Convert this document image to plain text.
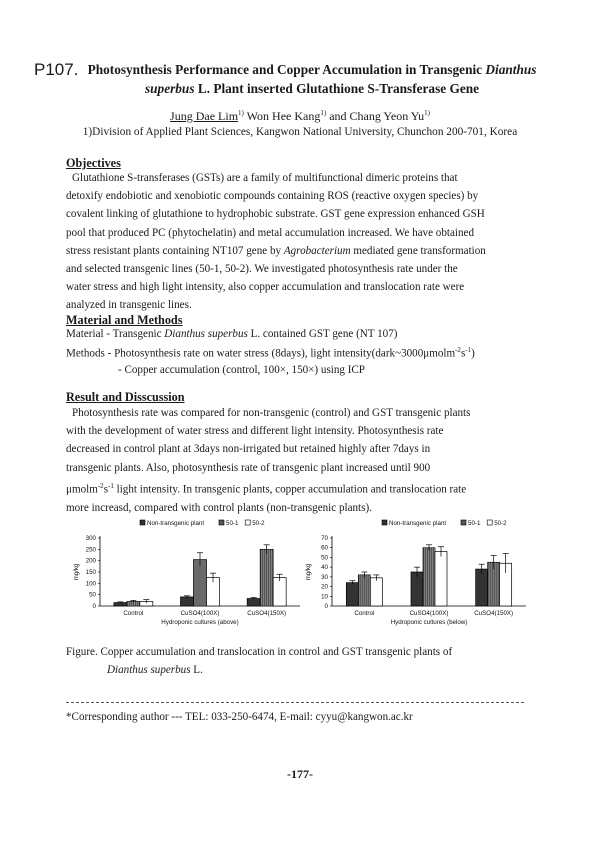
P107. Photosynthesis Performance and Copper Accumulation in Transgenic Dianthus superbus L. Plant inserted Glutathione S-Transferase Gene
Jung Dae Lim$^{1)}$ Won Hee Kang$^{1)}$ and Chang Yeon Yu$^{1)}$
1)Division of Applied Plant Sciences, Kangwon National University, Chunchon 200-701, Korea
Objectives
Glutathione S-transferases (GSTs) are a family of multifunctional dimeric proteins that
detoxify endobiotic and xenobiotic compounds containing ROS (reactive oxygen species) by
covalent linking of glutathione to hydrophobic substrate. GST gene expression enhanced GSH
pool that produced PC (phytochelatin) and metal accumulation increased. We have obtained
stress resistant plants containing NT107 gene by Agrobacterium mediated gene transformation
and selected transgenic lines (50-1, 50-2). We investigated photosynthesis rate under the
water stress and high light intensity, also copper accumulation and translocation rate were
analyzed in transgenic lines.
Material and Methods
Material - Transgenic Dianthus superbus L. contained GST gene (NT 107)
Methods - Photosynthesis rate on water stress (8days), light $intensity(dark\sim 3000\mu molm^{-2}s^{-1})$
- Copper accumulation (control, 100×, 150×) using ICP
Result and Disscussion
Photosynthesis rate was compared for non-transgenic (control) and GST transgenic plants
with the development of water stress and different light intensity. Photosynthesis rate
decreased in control plant at 3days non-irrigated but retained highly after 7days in
transgenic plants. Also, photosynthesis rate of transgenic plant increased until 900
$\mu molm^{-2}s^{-1}$ light intensity. In transgenic plants, copper accumulation and translocation rate
more increasd, compared with control plants (non-transgenic plants).
Non-transgenic plant	50-1 50-2
0
50
100
150
200
250
300
mg/kg
Control	CuSO4(100X)	CuSO4(150X)
Hydroponic cultures (above)
Non-transgenic plant	50-1 50-2
0
10
20
30
40
50
60
70
mg/kg
Control	CuSO4(100X)	CuSO4(150X)
Hydroponic cultures (below)
Figure. Copper accumulation and translocation in control and GST transgenic plants of
Dianthus superbus L.
*Corresponding author --- TEL: 033-250-6474, E-mail: cyyu@kangwon.ac.kr
-177-
